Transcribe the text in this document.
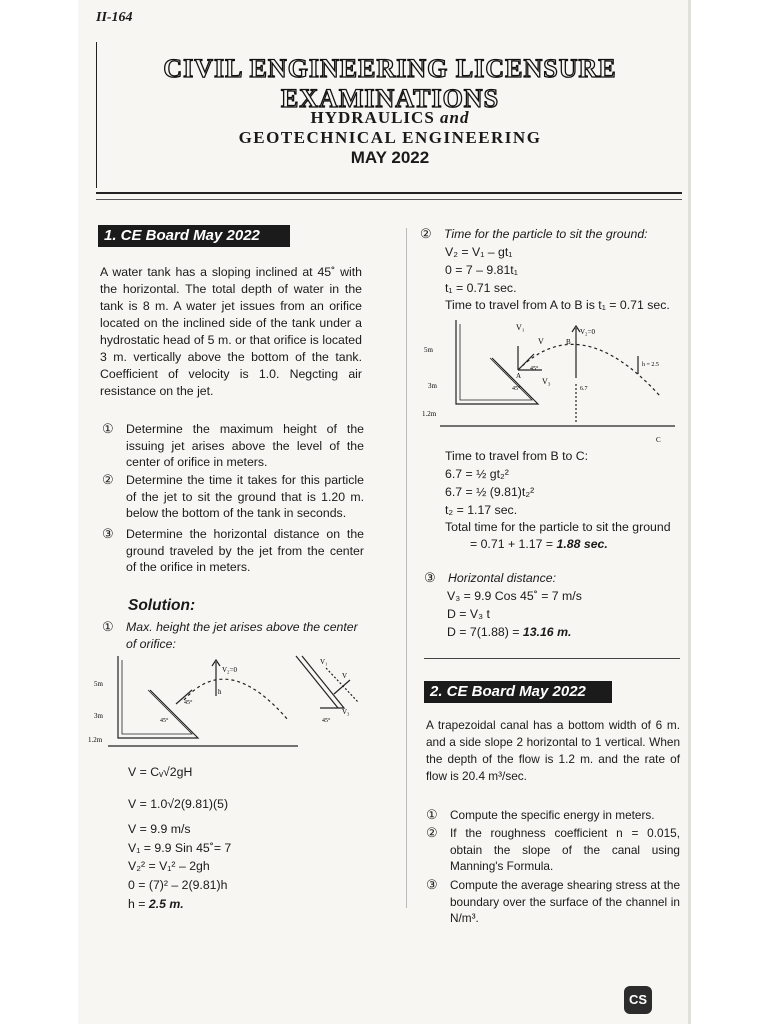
II-164
CIVIL ENGINEERING LICENSURE
EXAMINATIONS
HYDRAULICS and
GEOTECHNICAL ENGINEERING
MAY 2022
1. CE Board May 2022
A water tank has a sloping inclined at 45˚ with the horizontal. The total depth of water in the tank is 8 m. A water jet issues from an orifice located on the inclined side of the tank under a hydrostatic head of 5 m. or that orifice is located 3 m. vertically above the bottom of the tank. Coefficient of velocity is 1.0. Negcting air resistance on the jet.
① Determine the maximum height of the issuing jet arises above the level of the center of orifice in meters.
② Determine the time it takes for this particle of the jet to sit the ground that is 1.20 m. below the bottom of the tank in seconds.
③ Determine the horizontal distance on the ground traveled by the jet from the center of the orifice in meters.
Solution:
① Max. height the jet arises above the center of orifice:
5m
3m
1.2m
V₂=0
h
45°
45°
V₁
V
V₃
45°
V = Cᵥ√2gH
V = 1.0√2(9.81)(5)
V = 9.9 m/s
V₁ = 9.9 Sin 45˚= 7
V₂² = V₁² – 2gh
0 = (7)² – 2(9.81)h
h = 2.5 m.
② Time for the particle to sit the ground:
V₂ = V₁ – gt₁
0 = 7 – 9.81t₁
t₁ = 0.71 sec.
Time to travel from A to B is t₁ = 0.71 sec.
5m
3m
1.2m
V₁
V
V₂=0
V₃
45°
45°
A
B
C
h = 2.5
6.7
Time to travel from B to C:
6.7 = ½ gt₂²
6.7 = ½ (9.81)t₂²
t₂ = 1.17 sec.
Total time for the particle to sit the ground
= 0.71 + 1.17 = 1.88 sec.
③ Horizontal distance:
V₃ = 9.9 Cos 45˚ = 7 m/s
D = V₃ t
D = 7(1.88) = 13.16 m.
2. CE Board May 2022
A trapezoidal canal has a bottom width of 6 m. and a side slope 2 horizontal to 1 vertical. When the depth of the flow is 1.2 m. and the rate of flow is 20.4 m³/sec.
① Compute the specific energy in meters.
② If the roughness coefficient n = 0.015, obtain the slope of the canal using Manning's Formula.
③ Compute the average shearing stress at the boundary over the surface of the channel in N/m³.
CS
